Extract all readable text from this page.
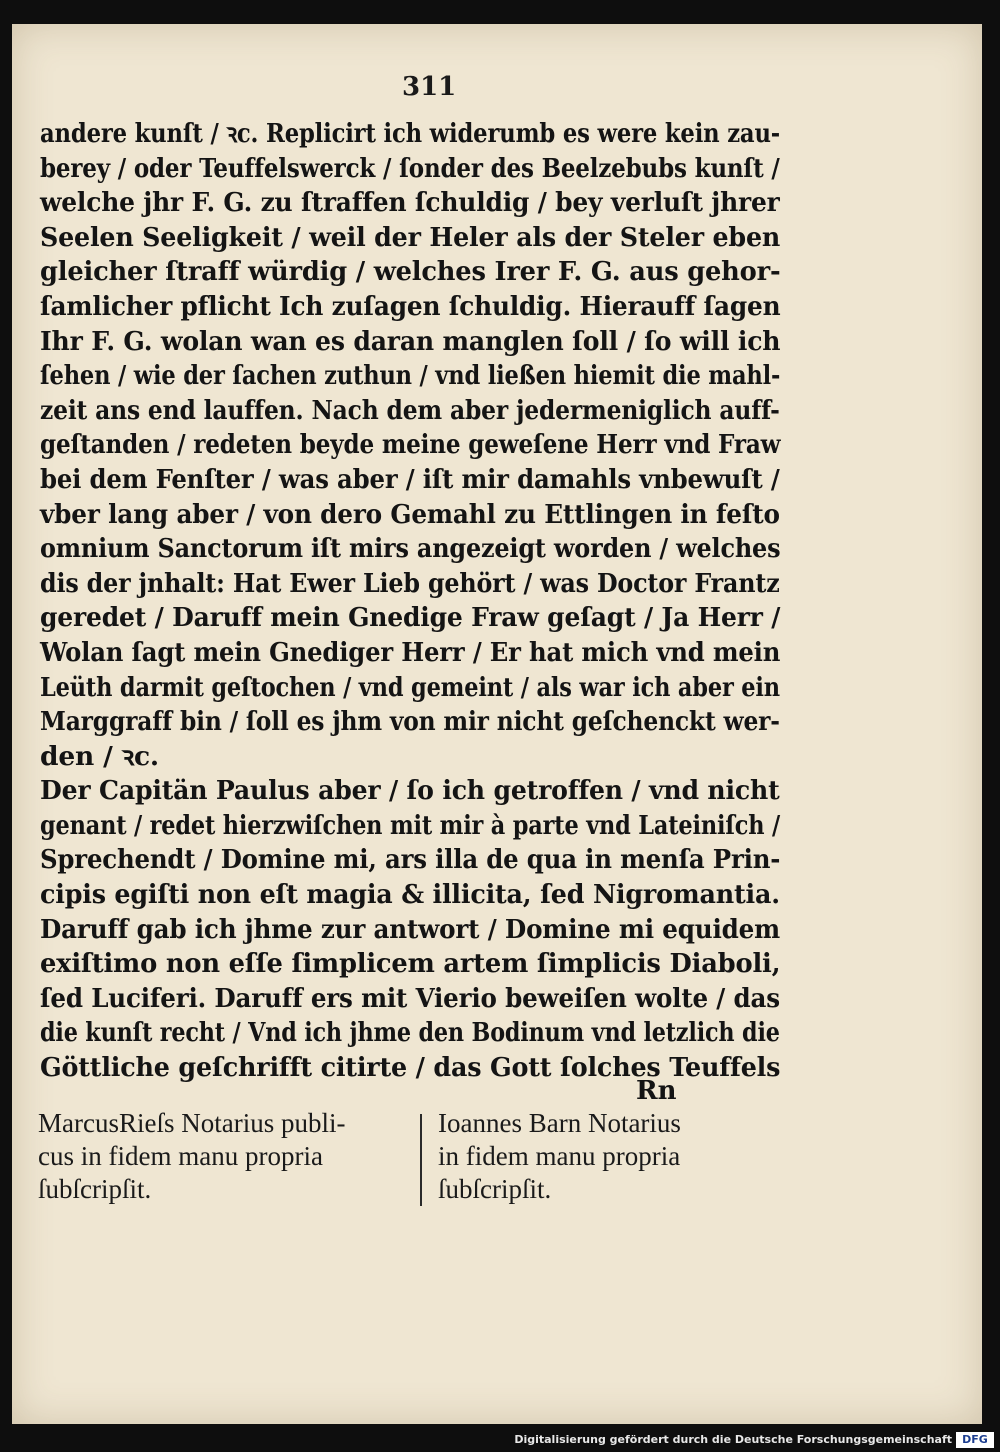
311
andere kunſt / ꝛc. Replicirt ich widerumb es were kein zau-
berey / oder Teuffelswerck / ſonder des Beelzebubs kunſt /
welche jhr F. G. zu ſtraffen ſchuldig / bey verluſt jhrer
Seelen Seeligkeit / weil der Heler als der Steler eben
gleicher ſtraff würdig / welches Irer F. G. aus gehor-
ſamlicher pflicht Ich zuſagen ſchuldig. Hierauff ſagen
Ihr F. G. wolan wan es daran manglen ſoll / ſo will ich
ſehen / wie der ſachen zuthun / vnd ließen hiemit die mahl-
zeit ans end lauffen. Nach dem aber jedermeniglich auff-
geſtanden / redeten beyde meine geweſene Herr vnd Fraw
bei dem Fenſter / was aber / iſt mir damahls vnbewuſt /
vber lang aber / von dero Gemahl zu Ettlingen in feſto
omnium Sanctorum iſt mirs angezeigt worden / welches
dis der jnhalt: Hat Ewer Lieb gehört / was Doctor Frantz
geredet / Daruff mein Gnedige Fraw geſagt / Ja Herr /
Wolan ſagt mein Gnediger Herr / Er hat mich vnd mein
Leüth darmit geſtochen / vnd gemeint / als war ich aber ein
Marggraff bin / ſoll es jhm von mir nicht geſchenckt wer-
den / ꝛc.
Der Capitän Paulus aber / ſo ich getroffen / vnd nicht
genant / redet hierzwiſchen mit mir à parte vnd Lateiniſch /
Sprechendt / Domine mi, ars illa de qua in menſa Prin-
cipis egiſti non eſt magia & illicita, ſed Nigromantia.
Daruff gab ich jhme zur antwort / Domine mi equidem
exiſtimo non eſſe ſimplicem artem ſimplicis Diaboli,
ſed Luciferi. Daruff ers mit Vierio beweiſen wolte / das
die kunſt recht / Vnd ich jhme den Bodinum vnd letzlich die
Göttliche geſchrifft citirte / das Gott ſolches Teuffels
Rn
MarcusRieſs Notarius publi-
cus in fidem manu propria
ſubſcripſit.
Ioannes Barn Notarius
in fidem manu propria
ſubſcripſit.
Digitalisierung gefördert durch die Deutsche Forschungsgemeinschaft DFG
